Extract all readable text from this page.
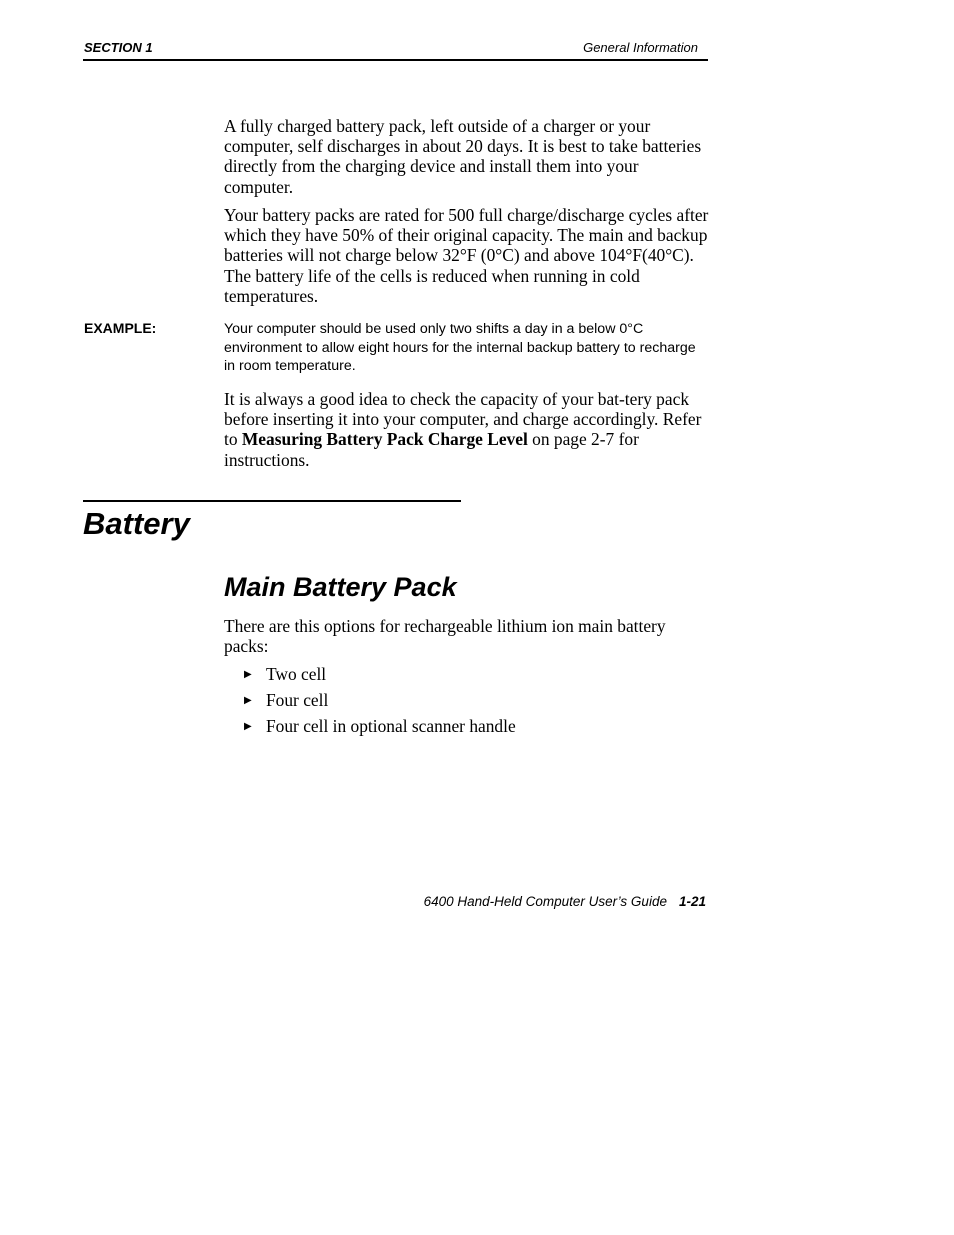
SECTION 1	General Information

A fully charged battery pack, left outside of a charger or your computer, self discharges in about 20 days. It is best to take batteries directly from the charging device and install them into your computer.

Your battery packs are rated for 500 full charge/discharge cycles after which they have 50% of their original capacity. The main and backup batteries will not charge below 32°F (0°C) and above 104°F(40°C). The battery life of the cells is reduced when running in cold temperatures.

EXAMPLE:	Your computer should be used only two shifts a day in a below 0°C environment to allow eight hours for the internal backup battery to recharge in room temperature.

It is always a good idea to check the capacity of your bat-tery pack before inserting it into your computer, and charge accordingly. Refer to Measuring Battery Pack Charge Level on page 2-7 for instructions.

Battery
Main Battery Pack

There are this options for rechargeable lithium ion main battery packs:

▶ Two cell
▶ Four cell
▶ Four cell in optional scanner handle
6400 Hand-Held Computer User’s Guide 1-21
